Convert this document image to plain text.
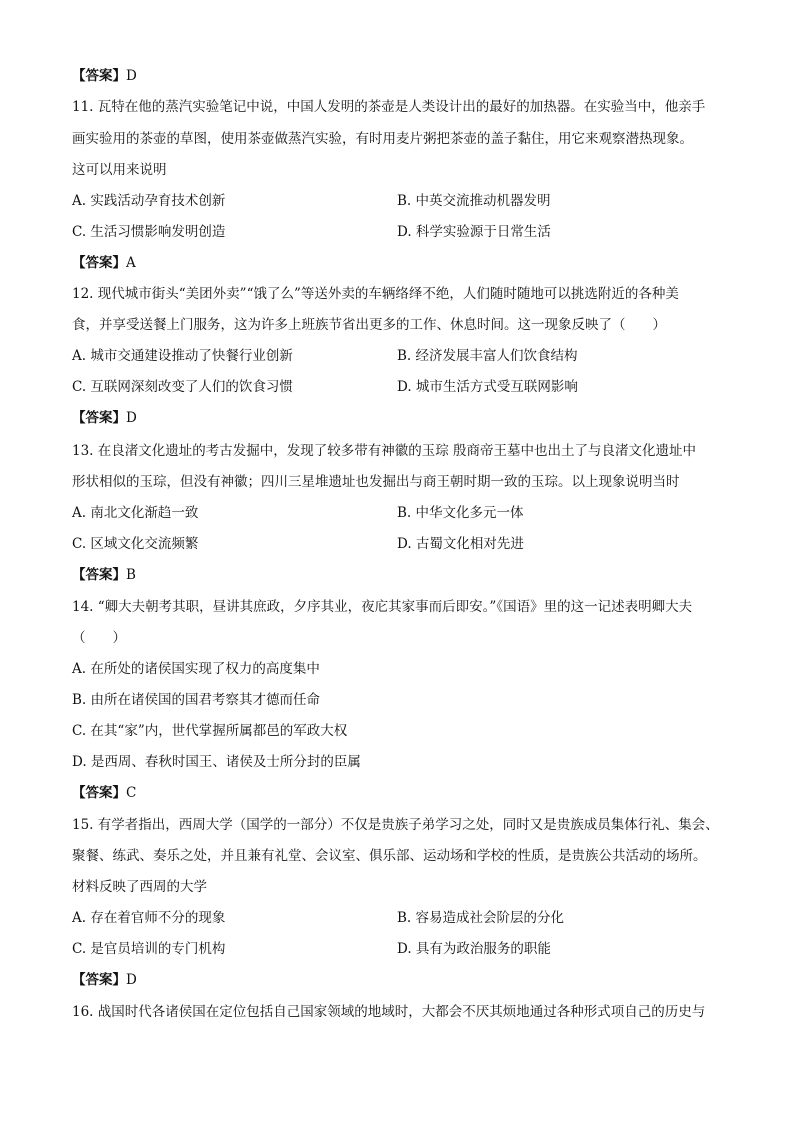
【答案】D
11. 瓦特在他的蒸汽实验笔记中说，中国人发明的茶壶是人类设计出的最好的加热器。在实验当中，他亲手
画实验用的茶壶的草图，使用茶壶做蒸汽实验，有时用麦片粥把茶壶的盖子黏住，用它来观察潜热现象。
这可以用来说明
A. 实践活动孕育技术创新	B. 中英交流推动机器发明
C. 生活习惯影响发明创造	D. 科学实验源于日常生活
【答案】A
12. 现代城市街头“美团外卖”“饿了么”等送外卖的车辆络绎不绝，人们随时随地可以挑选附近的各种美
食，并享受送餐上门服务，这为许多上班族节省出更多的工作、休息时间。这一现象反映了（　　）
A. 城市交通建设推动了快餐行业创新	B. 经济发展丰富人们饮食结构
C. 互联网深刻改变了人们的饮食习惯	D. 城市生活方式受互联网影响
【答案】D
13. 在良渚文化遗址的考古发掘中，发现了较多带有神徽的玉琮 殷商帝王墓中也出土了与良渚文化遗址中
形状相似的玉琮，但没有神徽；四川三星堆遗址也发掘出与商王朝时期一致的玉琮。以上现象说明当时
A. 南北文化渐趋一致	B. 中华文化多元一体
C. 区域文化交流频繁	D. 古蜀文化相对先进
【答案】B
14. “卿大夫朝考其职，昼讲其庶政，夕序其业，夜庀其家事而后即安。”《国语》里的这一记述表明卿大夫
（　　）
A. 在所处的诸侯国实现了权力的高度集中
B. 由所在诸侯国的国君考察其才德而任命
C. 在其“家”内，世代掌握所属都邑的军政大权
D. 是西周、春秋时国王、诸侯及士所分封的臣属
【答案】C
15. 有学者指出，西周大学（国学的一部分）不仅是贵族子弟学习之处，同时又是贵族成员集体行礼、集会、
聚餐、练武、奏乐之处，并且兼有礼堂、会议室、俱乐部、运动场和学校的性质，是贵族公共活动的场所。
材料反映了西周的大学
A. 存在着官师不分的现象	B. 容易造成社会阶层的分化
C. 是官员培训的专门机构	D. 具有为政治服务的职能
【答案】D
16. 战国时代各诸侯国在定位包括自己国家领域的地域时，大都会不厌其烦地通过各种形式项自己的历史与
